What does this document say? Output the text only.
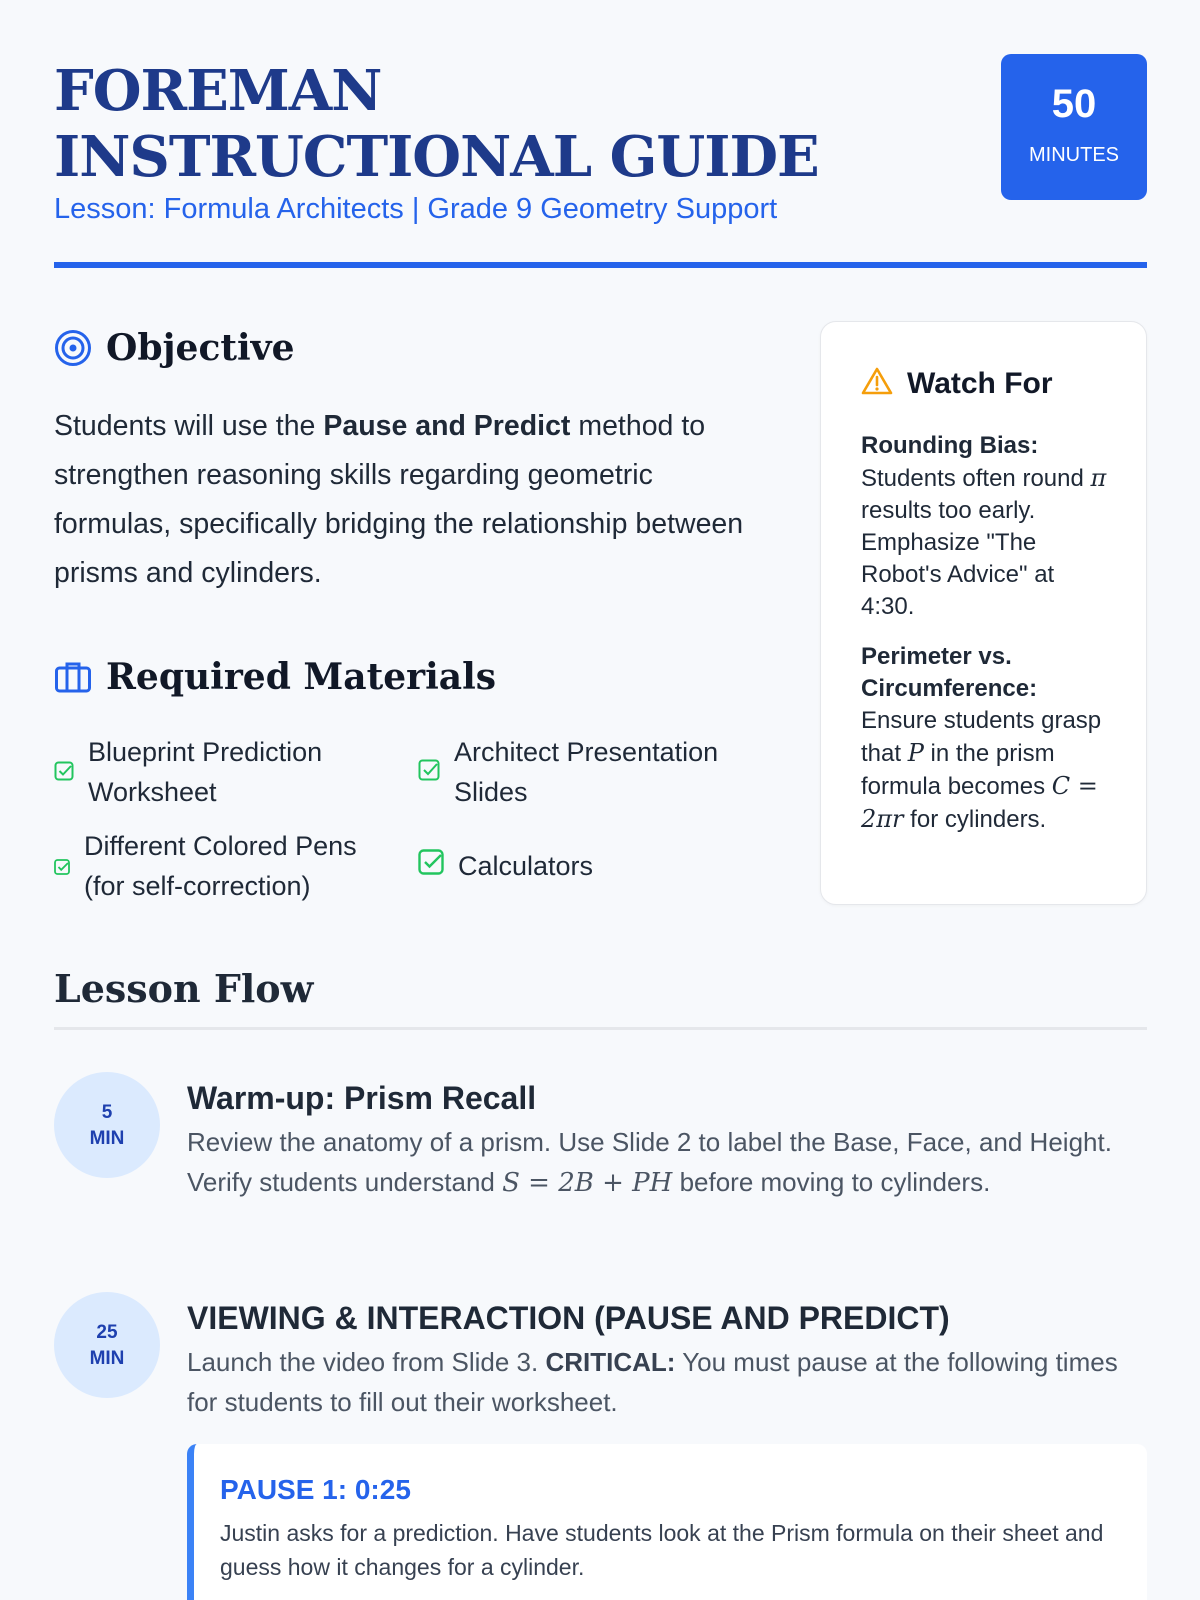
FOREMAN INSTRUCTIONAL GUIDE
Lesson: Formula Architects | Grade 9 Geometry Support
50
MINUTES
Objective
Students will use the Pause and Predict method to strengthen reasoning skills regarding geometric formulas, specifically bridging the relationship between prisms and cylinders.
Required Materials
Blueprint Prediction Worksheet
Architect Presentation Slides
Different Colored Pens (for self-correction)
Calculators
Watch For

Rounding Bias: Students often round π results too early. Emphasize "The Robot's Advice" at 4:30.

Perimeter vs. Circumference: Ensure students grasp that P in the prism formula becomes C = 2πr for cylinders.

Lesson Flow
5
MIN
Warm-up: Prism Recall
Review the anatomy of a prism. Use Slide 2 to label the Base, Face, and Height. Verify students understand S = 2B + PH before moving to cylinders.
25
MIN
VIEWING & INTERACTION (PAUSE AND PREDICT)
Launch the video from Slide 3. CRITICAL: You must pause at the following times for students to fill out their worksheet.
PAUSE 1: 0:25
Justin asks for a prediction. Have students look at the Prism formula on their sheet and guess how it changes for a cylinder.
